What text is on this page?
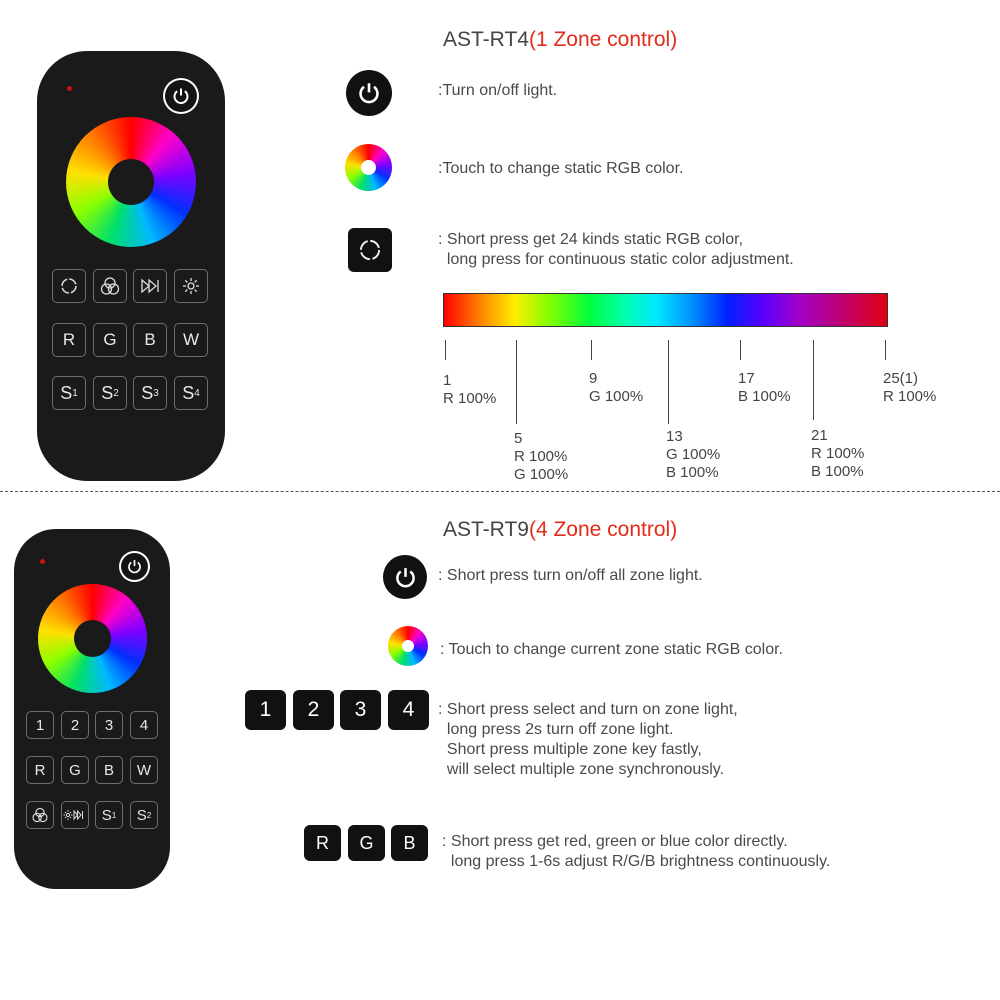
R	G	B	W
S 1 S 2 S 3 S 4
AST-RT4(1 Zone control)
:Turn on/off light.
:Touch to change static RGB color.
: Short press get 24 kinds static RGB color,
long press for continuous static color adjustment.
1
R 100%
5
R 100%
G 100%
9
G 100%
13
G 100%
B 100%
17
B 100%
21
R 100%
B 100%
25(1)
R 100%
1	2	3	4
R	G	B	W
S 1 S 2
AST-RT9(4 Zone control)
: Short press turn on/off all zone light.
: Touch to change current zone static RGB color.
1	2	3	4	: Short press select and turn on zone light,
long press 2s turn off zone light.
Short press multiple zone key fastly,
will select multiple zone synchronously.
R	G	B	: Short press get red, green or blue color directly.
long press 1-6s adjust R/G/B brightness continuously.
